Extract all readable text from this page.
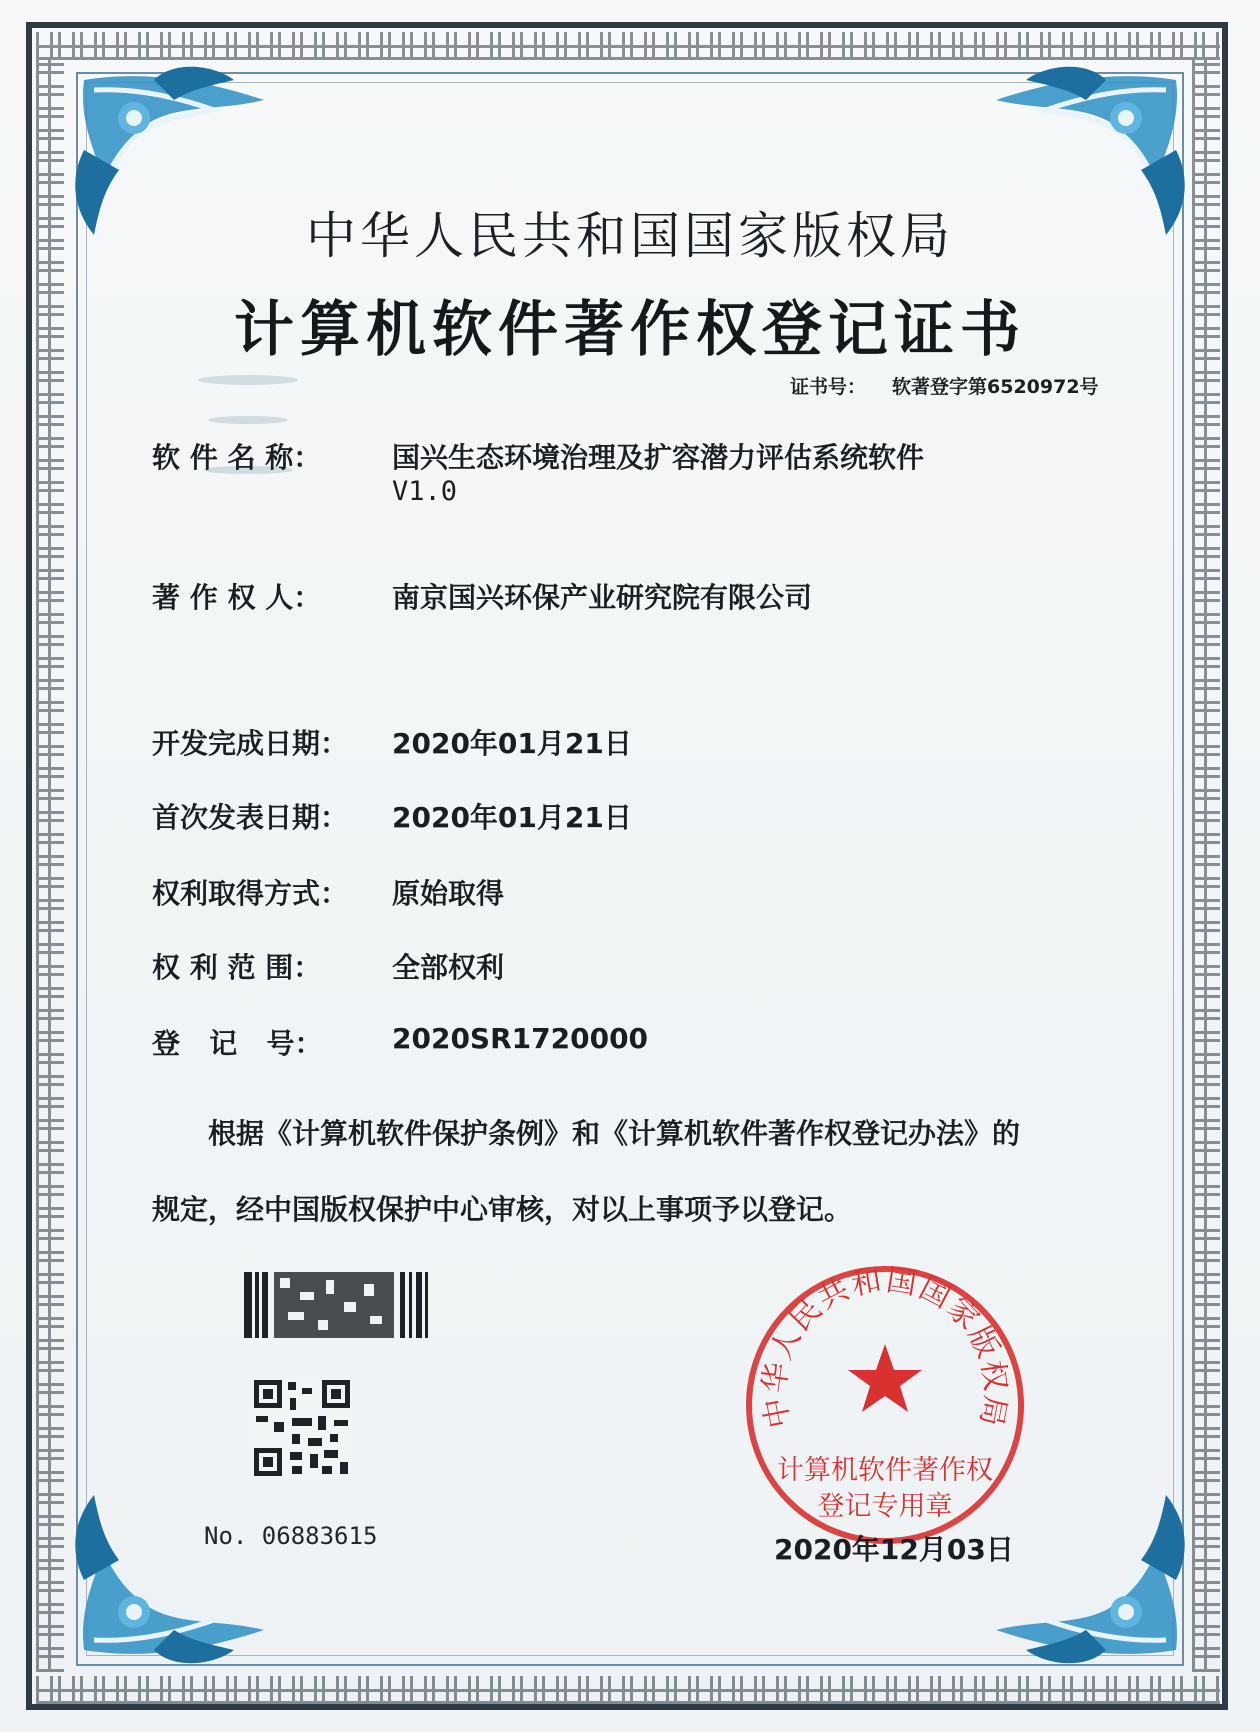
中华人民共和国国家版权局
计算机软件著作权登记证书
证书号： 软著登字第6520972号
软 件 名 称：	国兴生态环境治理及扩容潜力评估系统软件
V1.0
著 作 权 人：	南京国兴环保产业研究院有限公司
开发完成日期： 2020年01月21日
首次发表日期： 2020年01月21日
权利取得方式： 原始取得
权 利 范 围：	全部权利
登   记   号： 2020SR1720000
根据《计算机软件保护条例》和《计算机软件著作权登记办法》的
规定，经中国版权保护中心审核，对以上事项予以登记。
No. 06883615
中华人民共和国国家版权局
计算机软件著作权
登记专用章
2020年12月03日
